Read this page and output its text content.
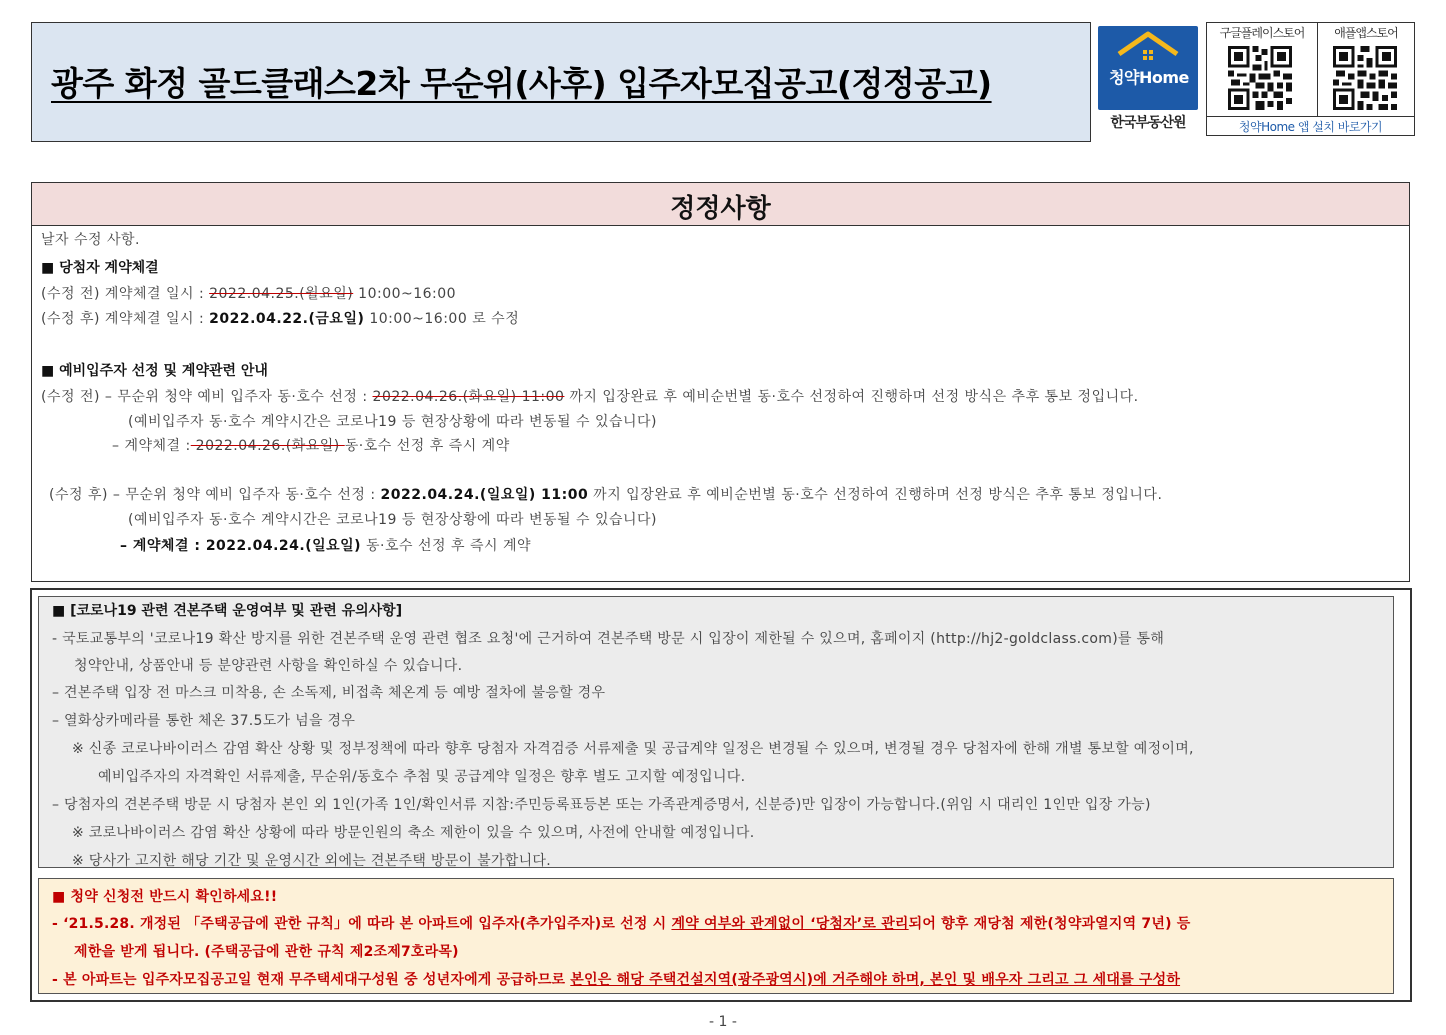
광주 화정 골드클래스2차 무순위(사후) 입주자모집공고(정정공고)	청약Home
한국부동산원
구글플레이스토어	애플앱스토어
청약Home 앱 설치 바로가기
정정사항
날자 수정 사항.
■ 당첨자 계약체결
(수정 전) 계약체결 일시 : 2022.04.25.(월요일) 10:00~16:00
(수정 후) 계약체결 일시 : 2022.04.22.(금요일) 10:00~16:00 로 수정
■ 예비입주자 선정 및 계약관련 안내
(수정 전) – 무순위 청약 예비 입주자 동·호수 선정 : 2022.04.26.(화요일) 11:00 까지 입장완료 후 예비순번별 동·호수 선정하여 진행하며 선정 방식은 추후 통보 정입니다.
(예비입주자 동·호수 계약시간은 코로나19 등 현장상황에 따라 변동될 수 있습니다)
– 계약체결 : 2022.04.26.(화요일) 동·호수 선정 후 즉시 계약
(수정 후) – 무순위 청약 예비 입주자 동·호수 선정 : 2022.04.24.(일요일) 11:00 까지 입장완료 후 예비순번별 동·호수 선정하여 진행하며 선정 방식은 추후 통보 정입니다.
(예비입주자 동·호수 계약시간은 코로나19 등 현장상황에 따라 변동될 수 있습니다)
– 계약체결 : 2022.04.24.(일요일) 동·호수 선정 후 즉시 계약
■ [코로나19 관련 견본주택 운영여부 및 관련 유의사항]
- 국토교통부의 '코로나19 확산 방지를 위한 견본주택 운영 관련 협조 요청'에 근거하여 견본주택 방문 시 입장이 제한될 수 있으며, 홈페이지 (http://hj2-goldclass.com)를 통해
청약안내, 상품안내 등 분양관련 사항을 확인하실 수 있습니다.
– 견본주택 입장 전 마스크 미착용, 손 소독제, 비접촉 체온계 등 예방 절차에 불응할 경우
– 열화상카메라를 통한 체온 37.5도가 넘을 경우
※ 신종 코로나바이러스 감염 확산 상황 및 정부정책에 따라 향후 당첨자 자격검증 서류제출 및 공급계약 일정은 변경될 수 있으며, 변경될 경우 당첨자에 한해 개별 통보할 예정이며,
예비입주자의 자격확인 서류제출, 무순위/동호수 추첨 및 공급계약 일정은 향후 별도 고지할 예정입니다.
– 당첨자의 견본주택 방문 시 당첨자 본인 외 1인(가족 1인/확인서류 지참:주민등록표등본 또는 가족관계증명서, 신분증)만 입장이 가능합니다.(위임 시 대리인 1인만 입장 가능)
※ 코로나바이러스 감염 확산 상황에 따라 방문인원의 축소 제한이 있을 수 있으며, 사전에 안내할 예정입니다.
※ 당사가 고지한 해당 기간 및 운영시간 외에는 견본주택 방문이 불가합니다.
■ 청약 신청전 반드시 확인하세요!!
- ‘21.5.28. 개정된 「주택공급에 관한 규칙」에 따라 본 아파트에 입주자(추가입주자)로 선정 시 계약 여부와 관계없이 ‘당첨자’로 관리되어 향후 재당첨 제한(청약과열지역 7년) 등
제한을 받게 됩니다. (주택공급에 관한 규칙 제2조제7호라목)
- 본 아파트는 입주자모집공고일 현재 무주택세대구성원 중 성년자에게 공급하므로 본인은 해당 주택건설지역(광주광역시)에 거주해야 하며, 본인 및 배우자 그리고 그 세대를 구성하
- 1 -
